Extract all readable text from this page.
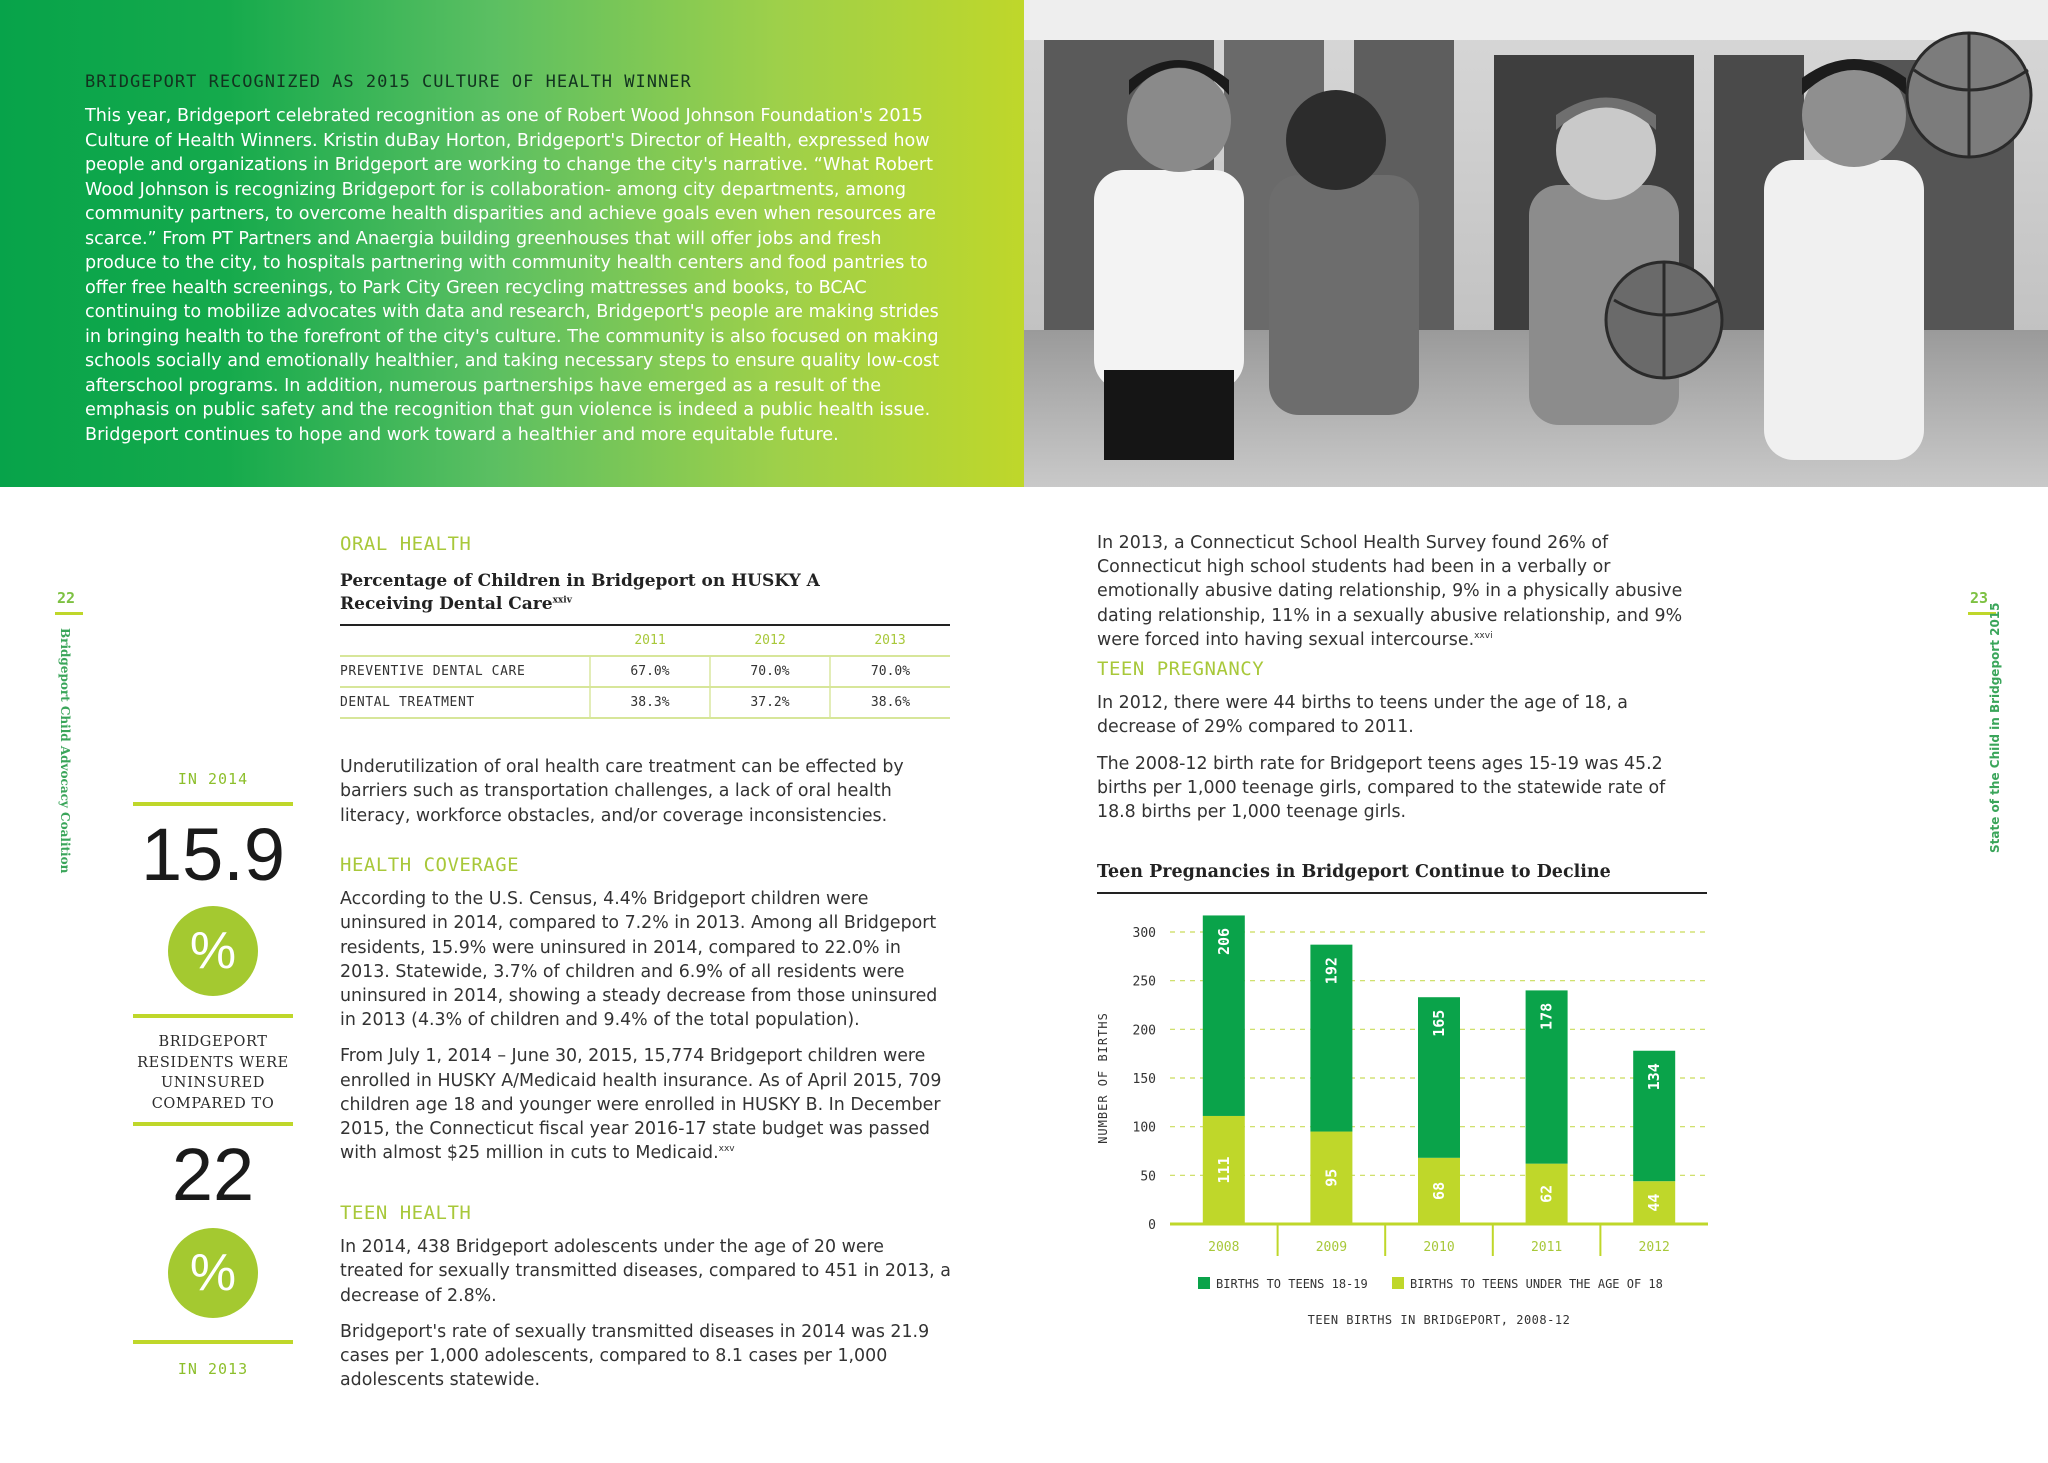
BRIDGEPORT RECOGNIZED AS 2015 CULTURE OF HEALTH WINNER
This year, Bridgeport celebrated recognition as one of Robert Wood Johnson Foundation's 2015 Culture of Health Winners. Kristin duBay Horton, Bridgeport's Director of Health, expressed how people and organizations in Bridgeport are working to change the city's narrative. “What Robert Wood Johnson is recognizing Bridgeport for is collaboration- among city departments, among community partners, to overcome health disparities and achieve goals even when resources are scarce.” From PT Partners and Anaergia building greenhouses that will offer jobs and fresh produce to the city, to hospitals partnering with community health centers and food pantries to offer free health screenings, to Park City Green recycling mattresses and books, to BCAC continuing to mobilize advocates with data and research, Bridgeport's people are making strides in bringing health to the forefront of the city's culture. The community is also focused on making schools socially and emotionally healthier, and taking necessary steps to ensure quality low-cost afterschool programs. In addition, numerous partnerships have emerged as a result of the emphasis on public safety and the recognition that gun violence is indeed a public health issue. Bridgeport continues to hope and work toward a healthier and more equitable future.
22
Bridgeport Child Advocacy Coalition
23
State of the Child in Bridgeport 2015
IN 2014
15.9
%
BRIDGEPORT RESIDENTS WERE UNINSURED COMPARED TO
22
%
IN 2013
ORAL HEALTH
Percentage of Children in Bridgeport on HUSKY A Receiving Dental Care$^{xxiv}$
	2011	2012	2013
PREVENTIVE DENTAL CARE	67.0%	70.0%	70.0%
DENTAL TREATMENT	38.3%	37.2%	38.6%

Underutilization of oral health care treatment can be effected by barriers such as transportation challenges, a lack of oral health literacy, workforce obstacles, and/or coverage inconsistencies.

HEALTH COVERAGE

According to the U.S. Census, 4.4% Bridgeport children were uninsured in 2014, compared to 7.2% in 2013. Among all Bridgeport residents, 15.9% were uninsured in 2014, compared to 22.0% in 2013. Statewide, 3.7% of children and 6.9% of all residents were uninsured in 2014, showing a steady decrease from those uninsured in 2013 (4.3% of children and 9.4% of the total population).

From July 1, 2014 – June 30, 2015, 15,774 Bridgeport children were enrolled in HUSKY A/Medicaid health insurance. As of April 2015, 709 children age 18 and younger were enrolled in HUSKY B. In December 2015, the Connecticut fiscal year 2016-17 state budget was passed with almost $25 million in cuts to Medicaid.$^{xxv}$

TEEN HEALTH

In 2014, 438 Bridgeport adolescents under the age of 20 were treated for sexually transmitted diseases, compared to 451 in 2013, a decrease of 2.8%.

Bridgeport's rate of sexually transmitted diseases in 2014 was 21.9 cases per 1,000 adolescents, compared to 8.1 cases per 1,000 adolescents statewide.

In 2013, a Connecticut School Health Survey found 26% of Connecticut high school students had been in a verbally or emotionally abusive dating relationship, 9% in a physically abusive dating relationship, 11% in a sexually abusive relationship, and 9% were forced into having sexual intercourse.$^{xxvi}$

TEEN PREGNANCY

In 2012, there were 44 births to teens under the age of 18, a decrease of 29% compared to 2011.

The 2008-12 birth rate for Bridgeport teens ages 15-19 was 45.2 births per 1,000 teenage girls, compared to the statewide rate of 18.8 births per 1,000 teenage girls.

Teen Pregnancies in Bridgeport Continue to Decline
0
50
100
150
200
250
300
NUMBER OF BIRTHS
111
206
2008
95
192
2009
68
165
2010
62
178
2011
44
134
2012
BIRTHS TO TEENS 18-19	BIRTHS TO TEENS UNDER THE AGE OF 18
TEEN BIRTHS IN BRIDGEPORT, 2008-12
